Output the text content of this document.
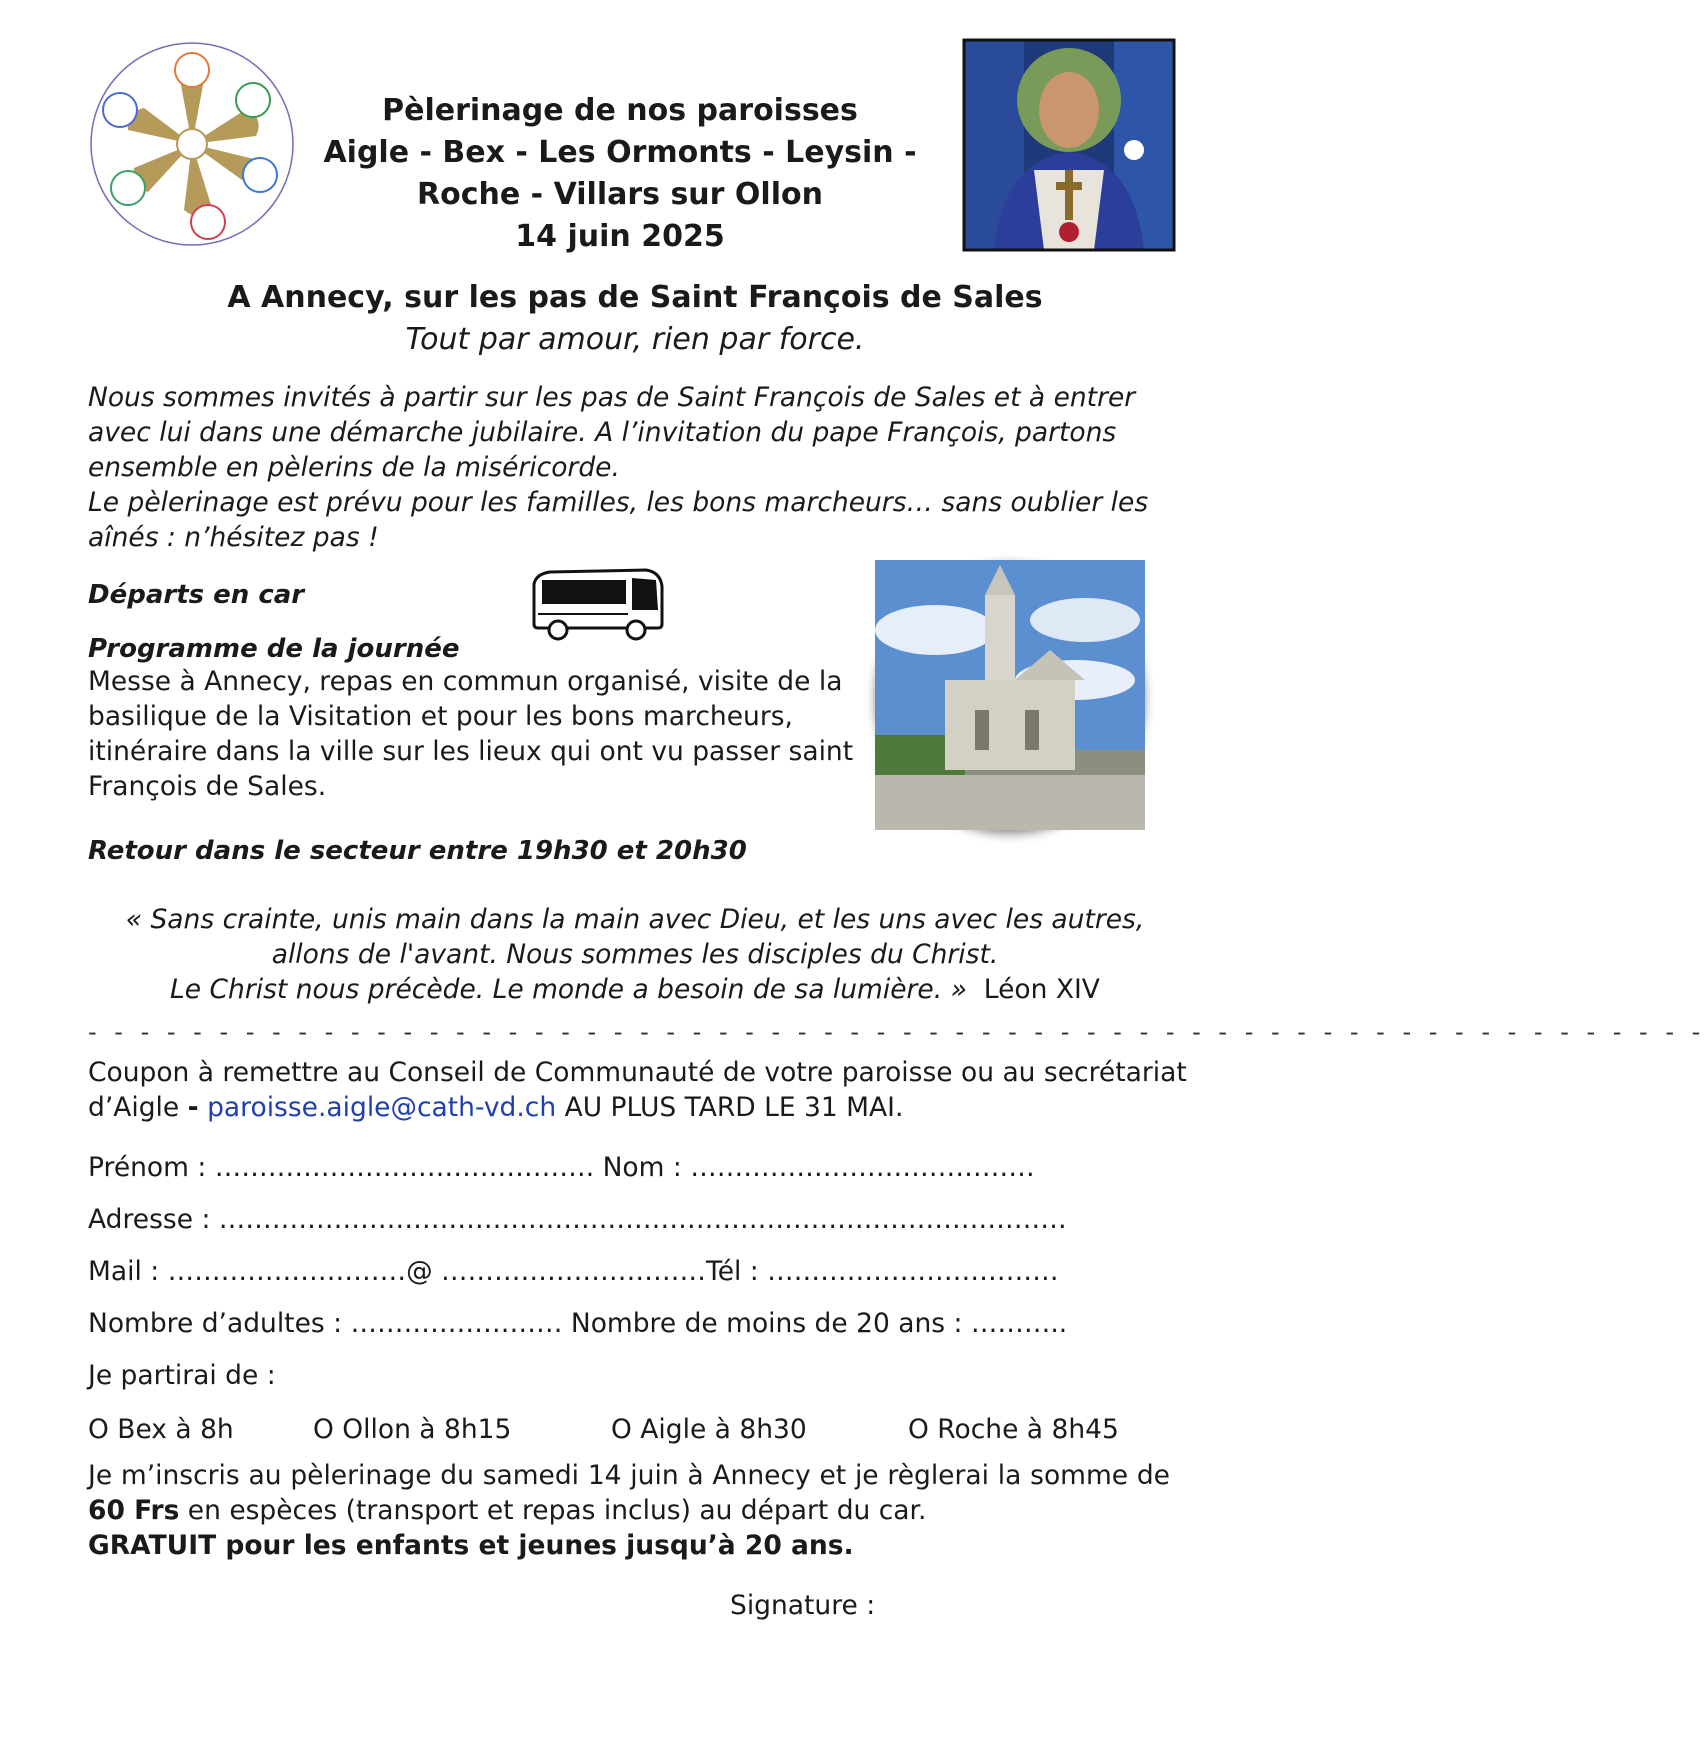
Pèlerinage de nos paroisses
Aigle - Bex - Les Ormonts - Leysin -
Roche - Villars sur Ollon
14 juin 2025
A Annecy, sur les pas de Saint François de Sales
Tout par amour, rien par force.

Nous sommes invités à partir sur les pas de Saint François de Sales et à entrer avec lui dans une démarche jubilaire. A l’invitation du pape François, partons ensemble en pèlerins de la miséricorde.

Le pèlerinage est prévu pour les familles, les bons marcheurs… sans oublier les aînés : n’hésitez pas !

Départs en car
Programme de la journée
Messe à Annecy, repas en commun organisé, visite de la basilique de la Visitation et pour les bons marcheurs, itinéraire dans la ville sur les lieux qui ont vu passer saint François de Sales.
Retour dans le secteur entre 19h30 et 20h30
« Sans crainte, unis main dans la main avec Dieu, et les uns avec les autres,
allons de l'avant. Nous sommes les disciples du Christ.
Le Christ nous précède. Le monde a besoin de sa lumière. » Léon XIV
- - - - - - - - - - - - - - - - - - - - - - - - - - - - - - - - - - - - - - - - - - - - - - - - - - - - - - - - - - - - - -
Coupon à remettre au Conseil de Communauté de votre paroisse ou au secrétariat d’Aigle - paroisse.aigle@cath-vd.ch AU PLUS TARD LE 31 MAI.
Prénom : ……………………………………. Nom : …………………………………
Adresse : ……………………………………………………………………………………
Mail : ………………………@ …………………………Tél : ……………………………
Nombre d’adultes : …………………… Nombre de moins de 20 ans : ………..
Je partirai de :
O Bex à 8h	O Ollon à 8h15	O Aigle à 8h30	O Roche à 8h45
Je m’inscris au pèlerinage du samedi 14 juin à Annecy et je règlerai la somme de 60 Frs en espèces (transport et repas inclus) au départ du car.
GRATUIT pour les enfants et jeunes jusqu’à 20 ans.
Signature :
